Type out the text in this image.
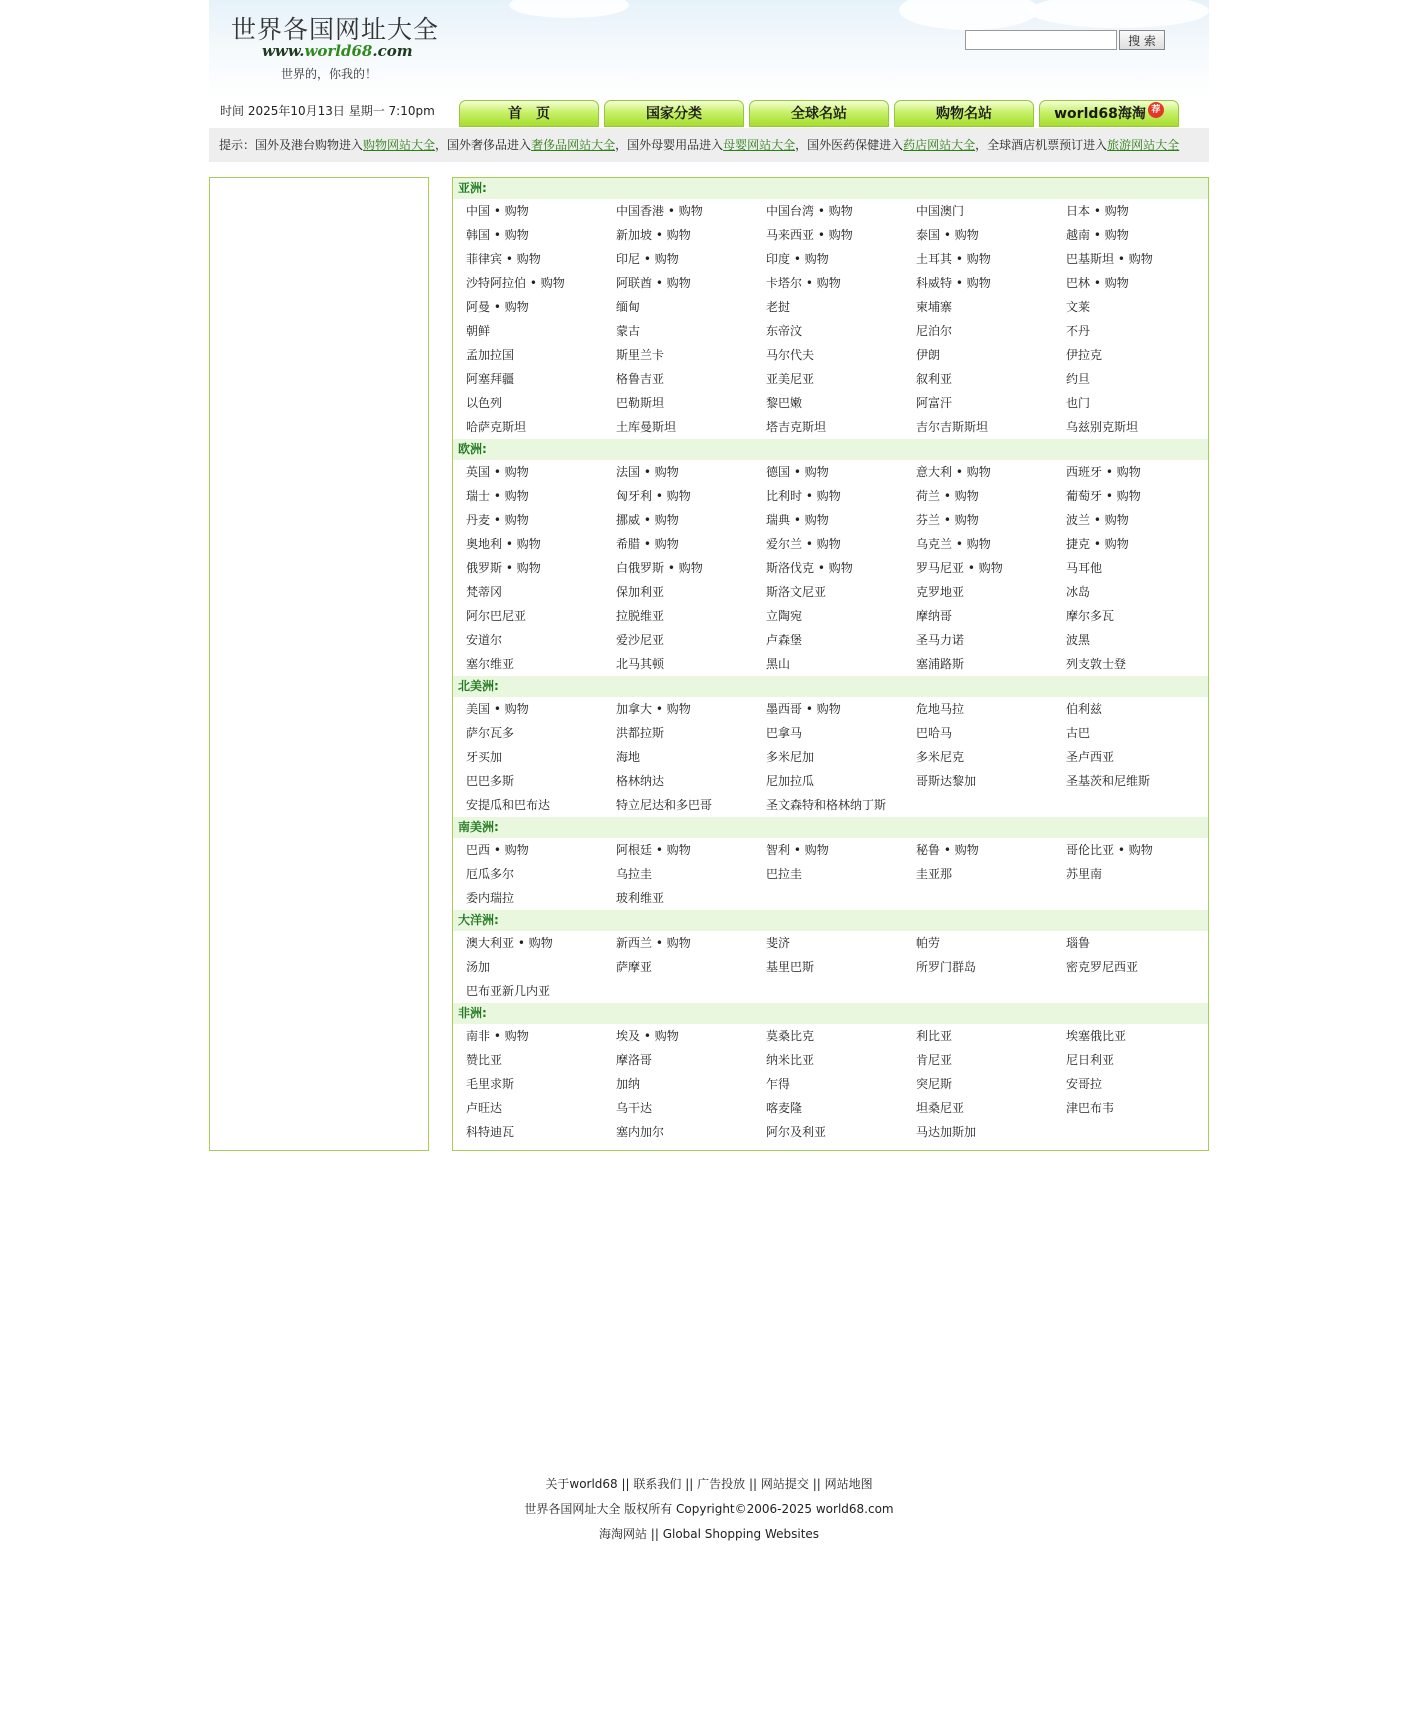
世界各国网址大全
www.world68.com
世界的，你我的！
搜 索
时间 2025年10月13日 星期一 7:10pm	首　页	国家分类	全球名站	购物名站	world68海淘 荐
提示：国外及港台购物进入购物网站大全，国外奢侈品进入奢侈品网站大全，国外母婴用品进入母婴网站大全，国外医药保健进入药店网站大全，全球酒店机票预订进入旅游网站大全
亚洲:
中国 • 购物	中国香港 • 购物	中国台湾 • 购物	中国澳门	日本 • 购物
韩国 • 购物	新加坡 • 购物	马来西亚 • 购物	泰国 • 购物	越南 • 购物
菲律宾 • 购物	印尼 • 购物	印度 • 购物	土耳其 • 购物	巴基斯坦 • 购物
沙特阿拉伯 • 购物	阿联酋 • 购物	卡塔尔 • 购物	科威特 • 购物	巴林 • 购物
阿曼 • 购物	缅甸	老挝	柬埔寨	文莱
朝鲜	蒙古	东帝汶	尼泊尔	不丹
孟加拉国	斯里兰卡	马尔代夫	伊朗	伊拉克
阿塞拜疆	格鲁吉亚	亚美尼亚	叙利亚	约旦
以色列	巴勒斯坦	黎巴嫩	阿富汗	也门
哈萨克斯坦	土库曼斯坦	塔吉克斯坦	吉尔吉斯斯坦	乌兹别克斯坦
欧洲:
英国 • 购物	法国 • 购物	德国 • 购物	意大利 • 购物	西班牙 • 购物
瑞士 • 购物	匈牙利 • 购物	比利时 • 购物	荷兰 • 购物	葡萄牙 • 购物
丹麦 • 购物	挪威 • 购物	瑞典 • 购物	芬兰 • 购物	波兰 • 购物
奥地利 • 购物	希腊 • 购物	爱尔兰 • 购物	乌克兰 • 购物	捷克 • 购物
俄罗斯 • 购物	白俄罗斯 • 购物	斯洛伐克 • 购物	罗马尼亚 • 购物	马耳他
梵蒂冈	保加利亚	斯洛文尼亚	克罗地亚	冰岛
阿尔巴尼亚	拉脱维亚	立陶宛	摩纳哥	摩尔多瓦
安道尔	爱沙尼亚	卢森堡	圣马力诺	波黑
塞尔维亚	北马其顿	黑山	塞浦路斯	列支敦士登
北美洲:
美国 • 购物	加拿大 • 购物	墨西哥 • 购物	危地马拉	伯利兹
萨尔瓦多	洪都拉斯	巴拿马	巴哈马	古巴
牙买加	海地	多米尼加	多米尼克	圣卢西亚
巴巴多斯	格林纳达	尼加拉瓜	哥斯达黎加	圣基茨和尼维斯
安提瓜和巴布达	特立尼达和多巴哥	圣文森特和格林纳丁斯
南美洲:
巴西 • 购物	阿根廷 • 购物	智利 • 购物	秘鲁 • 购物	哥伦比亚 • 购物
厄瓜多尔	乌拉圭	巴拉圭	圭亚那	苏里南
委内瑞拉	玻利维亚
大洋洲:
澳大利亚 • 购物	新西兰 • 购物	斐济	帕劳	瑙鲁
汤加	萨摩亚	基里巴斯	所罗门群岛	密克罗尼西亚
巴布亚新几内亚
非洲:
南非 • 购物	埃及 • 购物	莫桑比克	利比亚	埃塞俄比亚
赞比亚	摩洛哥	纳米比亚	肯尼亚	尼日利亚
毛里求斯	加纳	乍得	突尼斯	安哥拉
卢旺达	乌干达	喀麦隆	坦桑尼亚	津巴布韦
科特迪瓦	塞内加尔	阿尔及利亚	马达加斯加
关于world68 || 联系我们 || 广告投放 || 网站提交 || 网站地图
世界各国网址大全 版权所有 Copyright©2006-2025 world68.com
海淘网站 || Global Shopping Websites
